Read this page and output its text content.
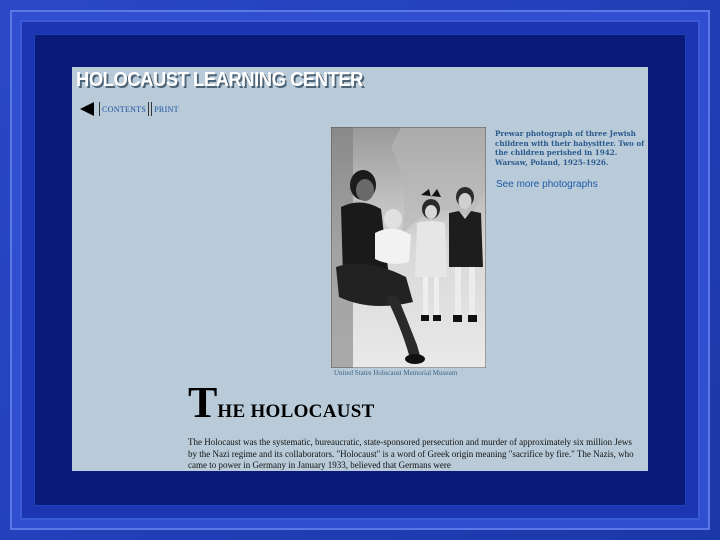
HOLOCAUST LEARNING CENTER
CONTENTS PRINT
United States Holocaust Memorial Museum
Prewar photograph of three Jewish children with their babysitter. Two of the children perished in 1942. Warsaw, Poland, 1925-1926.
See more photographs
THE HOLOCAUST
The Holocaust was the systematic, bureaucratic, state-sponsored persecution and murder of approximately six million Jews by the Nazi regime and its collaborators. "Holocaust" is a word of Greek origin meaning "sacrifice by fire." The Nazis, who came to power in Germany in January 1933, believed that Germans were
